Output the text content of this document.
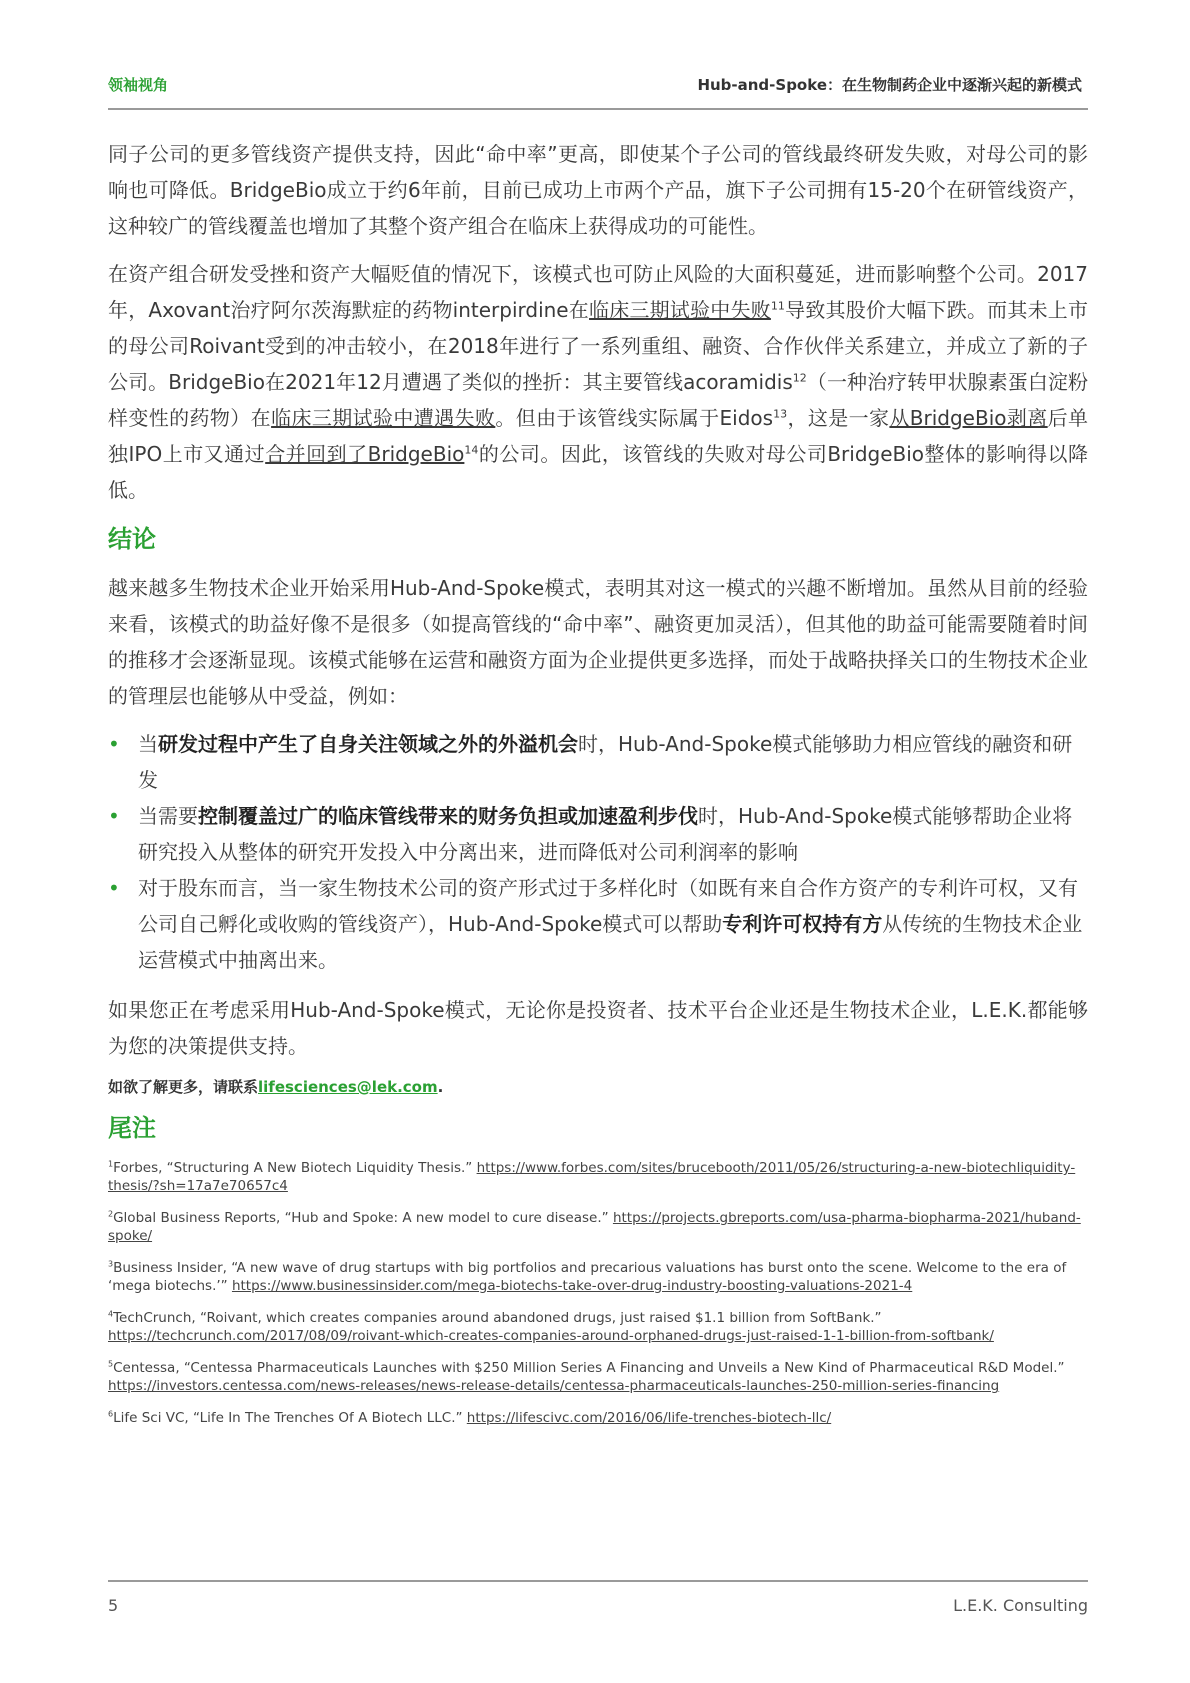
领袖视角	Hub-and-Spoke：在生物制药企业中逐渐兴起的新模式

同子公司的更多管线资产提供支持，因此“命中率”更高，即使某个子公司的管线最终研发失败，对母公司的影响也可降低。BridgeBio成立于约6年前，目前已成功上市两个产品，旗下子公司拥有15-20个在研管线资产，这种较广的管线覆盖也增加了其整个资产组合在临床上获得成功的可能性。

在资产组合研发受挫和资产大幅贬值的情况下，该模式也可防止风险的大面积蔓延，进而影响整个公司。2017年，Axovant治疗阿尔茨海默症的药物interpirdine在临床三期试验中失败$^{11}$导致其股价大幅下跌。而其未上市的母公司Roivant受到的冲击较小，在2018年进行了一系列重组、融资、合作伙伴关系建立，并成立了新的子公司。BridgeBio在2021年12月遭遇了类似的挫折：其主要管线acoramidis$^{12}$（一种治疗转甲状腺素蛋白淀粉样变性的药物）在临床三期试验中遭遇失败。但由于该管线实际属于Eidos$^{13}$，这是一家从BridgeBio剥离后单独IPO上市又通过合并回到了BridgeBio$^{14}$的公司。因此，该管线的失败对母公司BridgeBio整体的影响得以降低。

结论

越来越多生物技术企业开始采用Hub-And-Spoke模式，表明其对这一模式的兴趣不断增加。虽然从目前的经验来看，该模式的助益好像不是很多（如提高管线的“命中率”、融资更加灵活），但其他的助益可能需要随着时间的推移才会逐渐显现。该模式能够在运营和融资方面为企业提供更多选择，而处于战略抉择关口的生物技术企业的管理层也能够从中受益，例如：

• 当研发过程中产生了自身关注领域之外的外溢机会时，Hub-And-Spoke模式能够助力相应管线的融资和研发
• 当需要控制覆盖过广的临床管线带来的财务负担或加速盈利步伐时，Hub-And-Spoke模式能够帮助企业将研究投入从整体的研究开发投入中分离出来，进而降低对公司利润率的影响
• 对于股东而言，当一家生物技术公司的资产形式过于多样化时（如既有来自合作方资产的专利许可权，又有公司自己孵化或收购的管线资产），Hub-And-Spoke模式可以帮助专利许可权持有方从传统的生物技术企业运营模式中抽离出来。

如果您正在考虑采用Hub-And-Spoke模式，无论你是投资者、技术平台企业还是生物技术企业，L.E.K.都能够为您的决策提供支持。

如欲了解更多，请联系lifesciences@lek.com.
尾注
$^1$Forbes, “Structuring A New Biotech Liquidity Thesis.” https://www.forbes.com/sites/brucebooth/2011/05/26/structuring-a-new-biotechliquidity-thesis/?sh=17a7e70657c4
$^2$Global Business Reports, “Hub and Spoke: A new model to cure disease.” https://projects.gbreports.com/usa-pharma-biopharma-2021/huband-spoke/
$^3$Business Insider, “A new wave of drug startups with big portfolios and precarious valuations has burst onto the scene. Welcome to the era of ‘mega biotechs.’” https://www.businessinsider.com/mega-biotechs-take-over-drug-industry-boosting-valuations-2021-4
$^4$TechCrunch, “Roivant, which creates companies around abandoned drugs, just raised $1.1 billion from SoftBank.” https://techcrunch.com/2017/08/09/roivant-which-creates-companies-around-orphaned-drugs-just-raised-1-1-billion-from-softbank/
$^5$Centessa, “Centessa Pharmaceuticals Launches with $250 Million Series A Financing and Unveils a New Kind of Pharmaceutical R&D Model.” https://investors.centessa.com/news-releases/news-release-details/centessa-pharmaceuticals-launches-250-million-series-financing
$^6$Life Sci VC, “Life In The Trenches Of A Biotech LLC.” https://lifescivc.com/2016/06/life-trenches-biotech-llc/
5	L.E.K. Consulting
